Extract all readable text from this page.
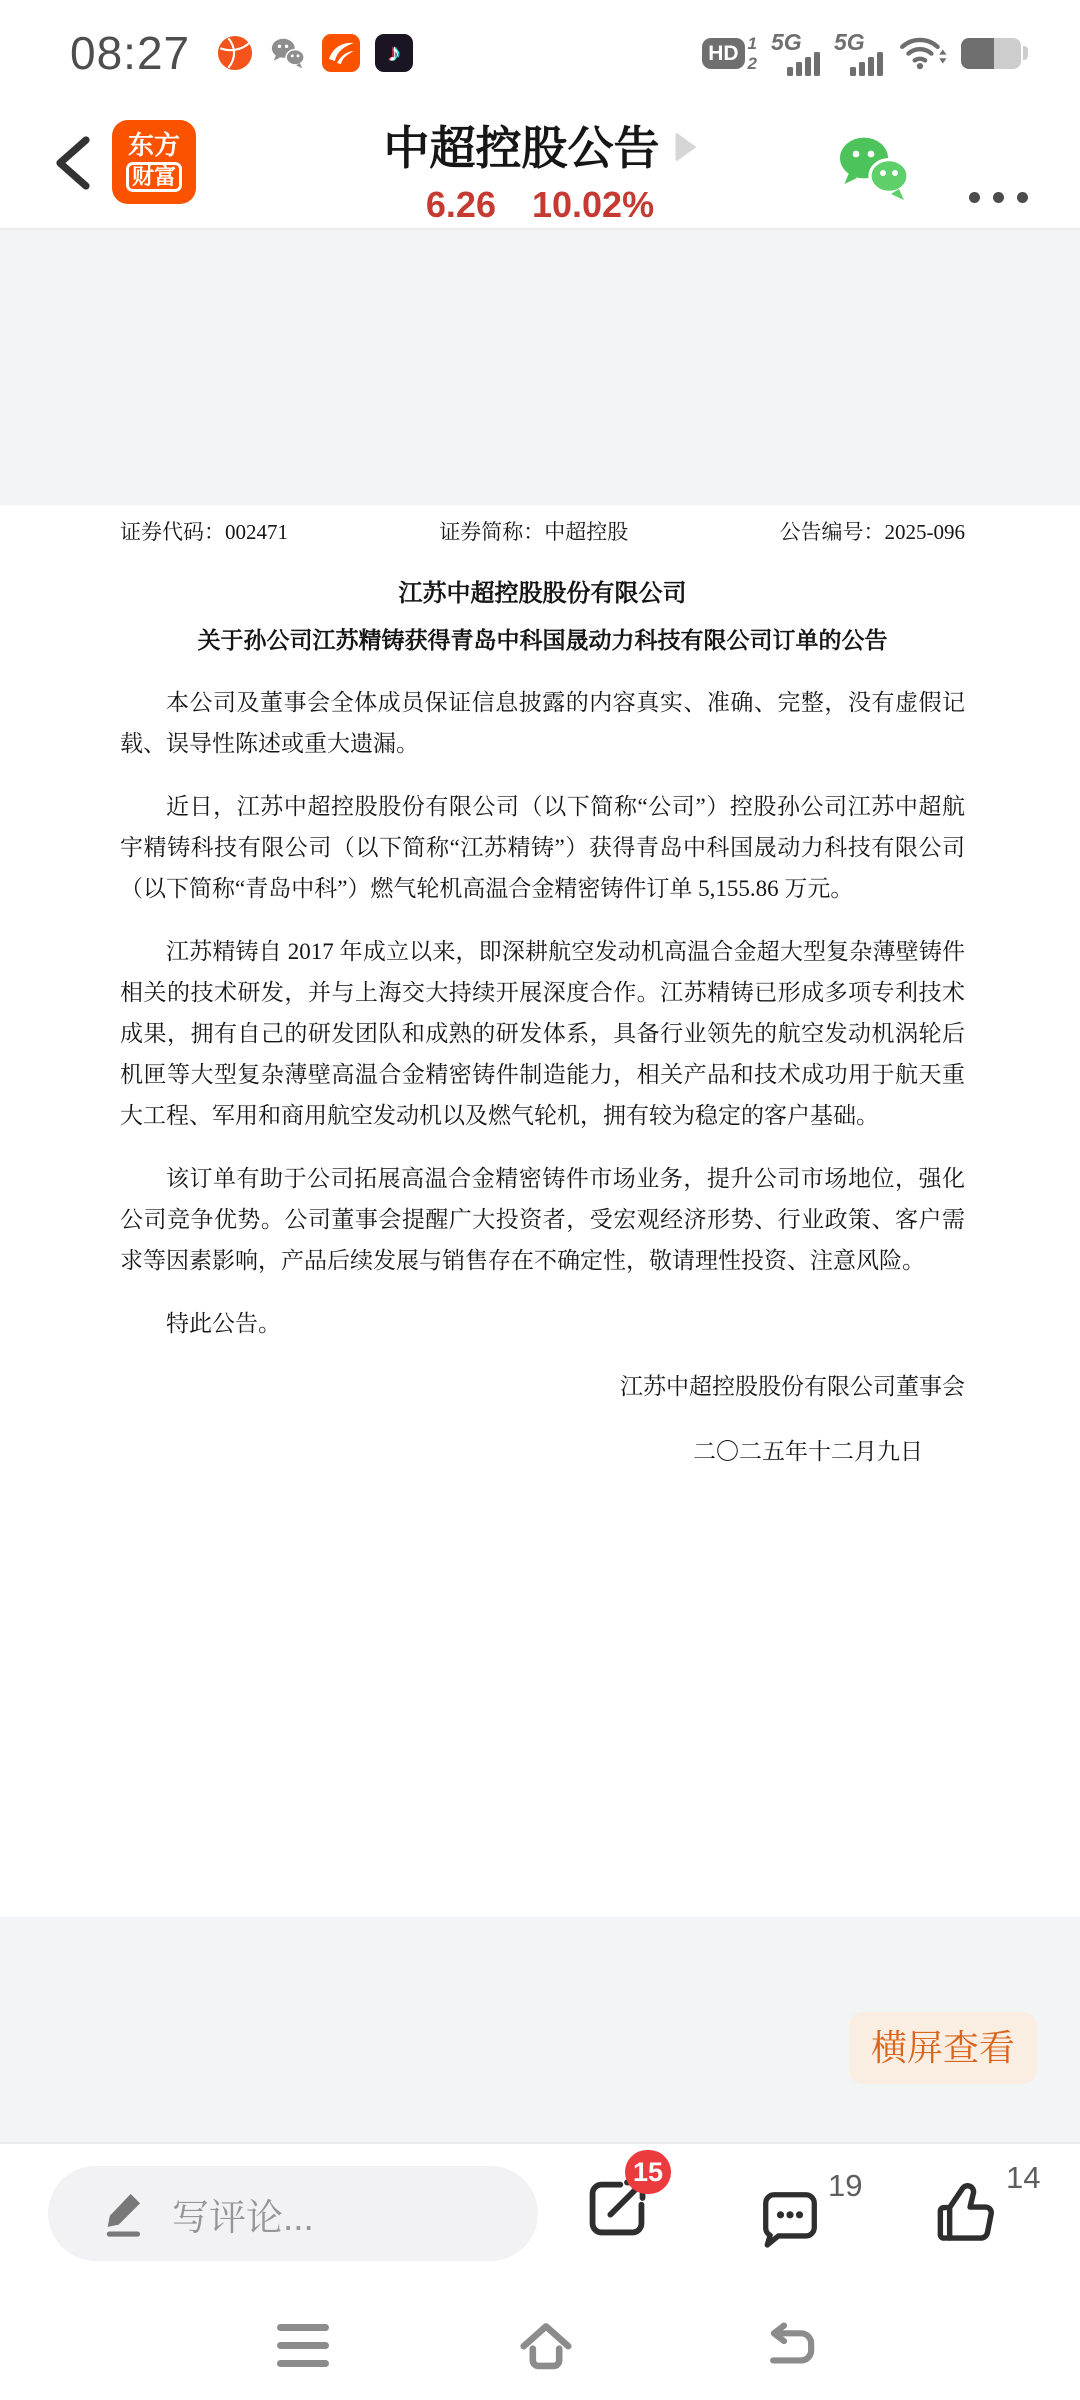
08:27	♪	HD 1
2
5G 5G
东方
财富
中超控股公告
6.26 10.02%
证券代码：002471	证券简称：中超控股	公告编号：2025-096
江苏中超控股股份有限公司
关于孙公司江苏精铸获得青岛中科国晟动力科技有限公司订单的公告

本公司及董事会全体成员保证信息披露的内容真实、准确、完整，没有虚假记载、误导性陈述或重大遗漏。

近日，江苏中超控股股份有限公司（以下简称“公司”）控股孙公司江苏中超航宇精铸科技有限公司（以下简称“江苏精铸”）获得青岛中科国晟动力科技有限公司（以下简称“青岛中科”）燃气轮机高温合金精密铸件订单 5,155.86 万元。

江苏精铸自 2017 年成立以来，即深耕航空发动机高温合金超大型复杂薄壁铸件相关的技术研发，并与上海交大持续开展深度合作。江苏精铸已形成多项专利技术成果，拥有自己的研发团队和成熟的研发体系，具备行业领先的航空发动机涡轮后机匣等大型复杂薄壁高温合金精密铸件制造能力，相关产品和技术成功用于航天重大工程、军用和商用航空发动机以及燃气轮机，拥有较为稳定的客户基础。

该订单有助于公司拓展高温合金精密铸件市场业务，提升公司市场地位，强化公司竞争优势。公司董事会提醒广大投资者，受宏观经济形势、行业政策、客户需求等因素影响，产品后续发展与销售存在不确定性，敬请理性投资、注意风险。

特此公告。
江苏中超控股股份有限公司董事会
二〇二五年十二月九日
横屏查看
写评论...
15	19	14
